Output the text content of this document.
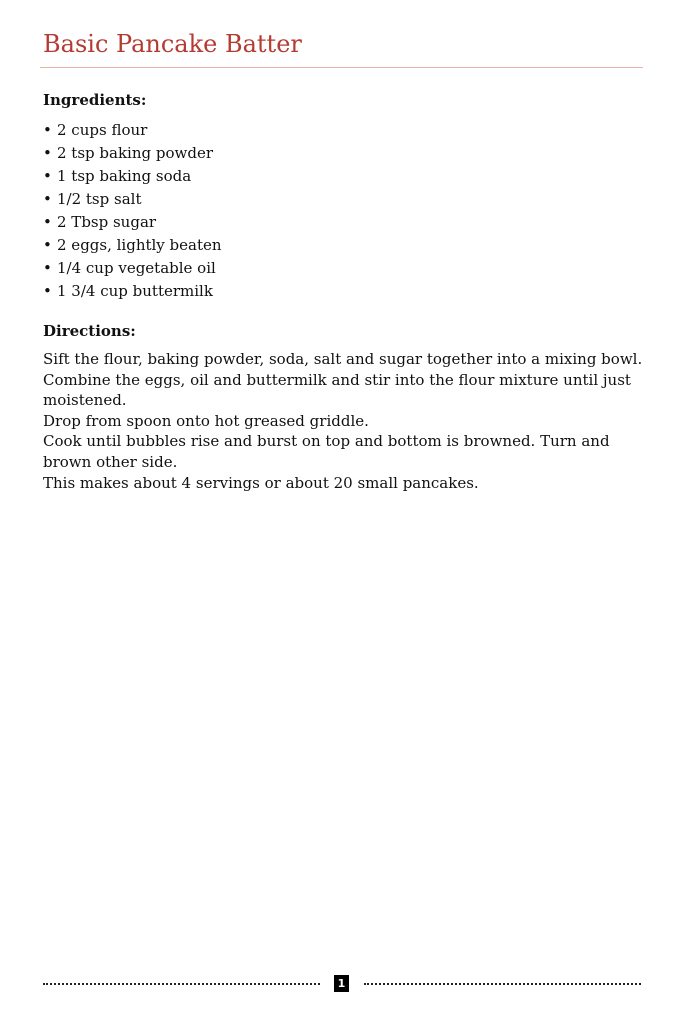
Basic Pancake Batter
Ingredients:
• 2 cups flour
• 2 tsp baking powder
• 1 tsp baking soda
• 1/2 tsp salt
• 2 Tbsp sugar
• 2 eggs, lightly beaten
• 1/4 cup vegetable oil
• 1 3/4 cup buttermilk
Directions:

Sift the flour, baking powder, soda, salt and sugar together into a mixing bowl.

Combine the eggs, oil and buttermilk and stir into the flour mixture until just moistened.

Drop from spoon onto hot greased griddle.

Cook until bubbles rise and burst on top and bottom is browned. Turn and brown other side.

This makes about 4 servings or about 20 small pancakes.

1
